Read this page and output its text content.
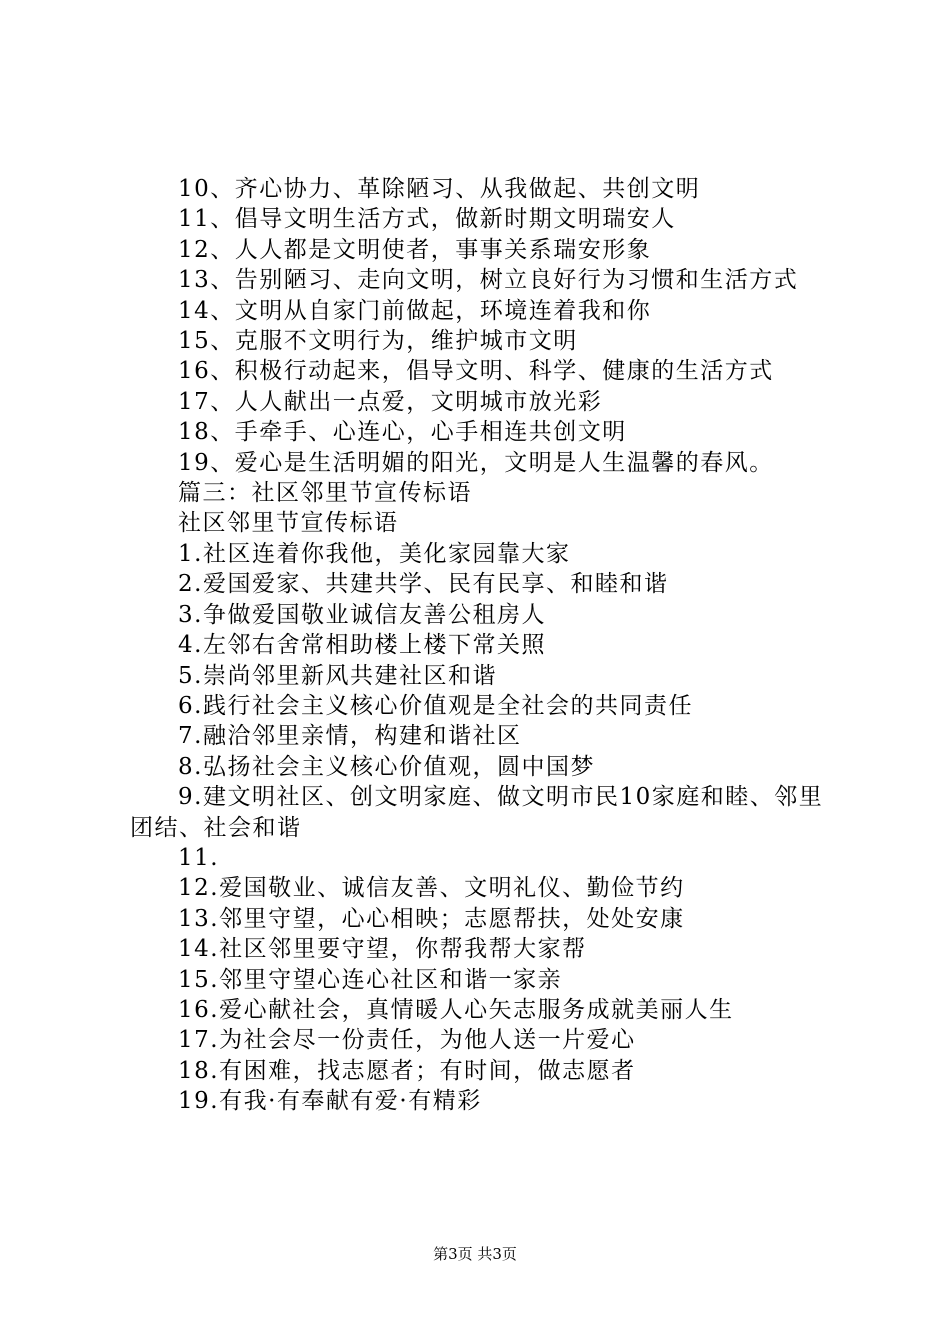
10、齐心协力、革除陋习、从我做起、共创文明
11、倡导文明生活方式，做新时期文明瑞安人
12、人人都是文明使者，事事关系瑞安形象
13、告别陋习、走向文明，树立良好行为习惯和生活方式
14、文明从自家门前做起，环境连着我和你
15、克服不文明行为，维护城市文明
16、积极行动起来，倡导文明、科学、健康的生活方式
17、人人献出一点爱，文明城市放光彩
18、手牵手、心连心，心手相连共创文明
19、爱心是生活明媚的阳光，文明是人生温馨的春风。
篇三：社区邻里节宣传标语
社区邻里节宣传标语
1.社区连着你我他，美化家园靠大家
2.爱国爱家、共建共学、民有民享、和睦和谐
3.争做爱国敬业诚信友善公租房人
4.左邻右舍常相助楼上楼下常关照
5.崇尚邻里新风共建社区和谐
6.践行社会主义核心价值观是全社会的共同责任
7.融洽邻里亲情，构建和谐社区
8.弘扬社会主义核心价值观，圆中国梦
9.建文明社区、创文明家庭、做文明市民10家庭和睦、邻里团结、社会和谐
11.
12.爱国敬业、诚信友善、文明礼仪、勤俭节约
13.邻里守望，心心相映；志愿帮扶，处处安康
14.社区邻里要守望，你帮我帮大家帮
15.邻里守望心连心社区和谐一家亲
16.爱心献社会，真情暖人心矢志服务成就美丽人生
17.为社会尽一份责任，为他人送一片爱心
18.有困难，找志愿者；有时间，做志愿者
19.有我·有奉献有爱·有精彩
第3页 共3页
